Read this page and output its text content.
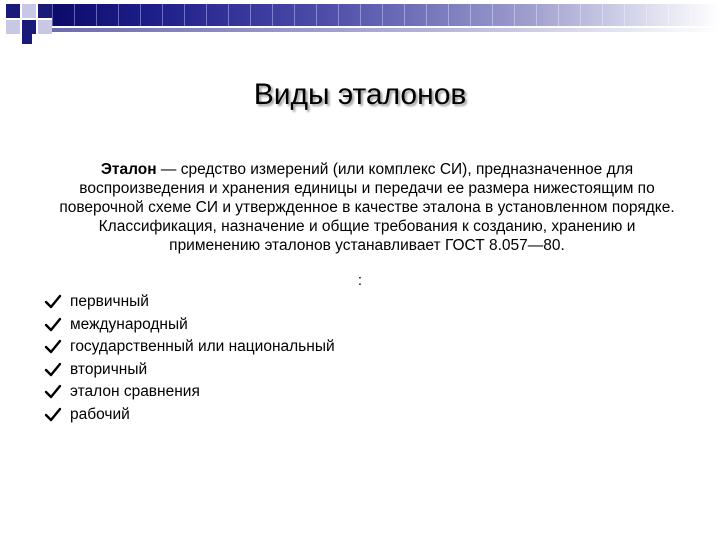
Виды эталонов
Эталон — средство измерений (или комплекс СИ), предназначенное для воспроизведения и хранения единицы и передачи ее размера нижестоящим по поверочной схеме СИ и утвержденное в качестве эталона в установленном порядке. Классификация, назначение и общие требования к созданию, хранению и применению эталонов устанавливает ГОСТ 8.057—80.
:
первичный
международный
государственный или национальный
вторичный
эталон сравнения
рабочий
